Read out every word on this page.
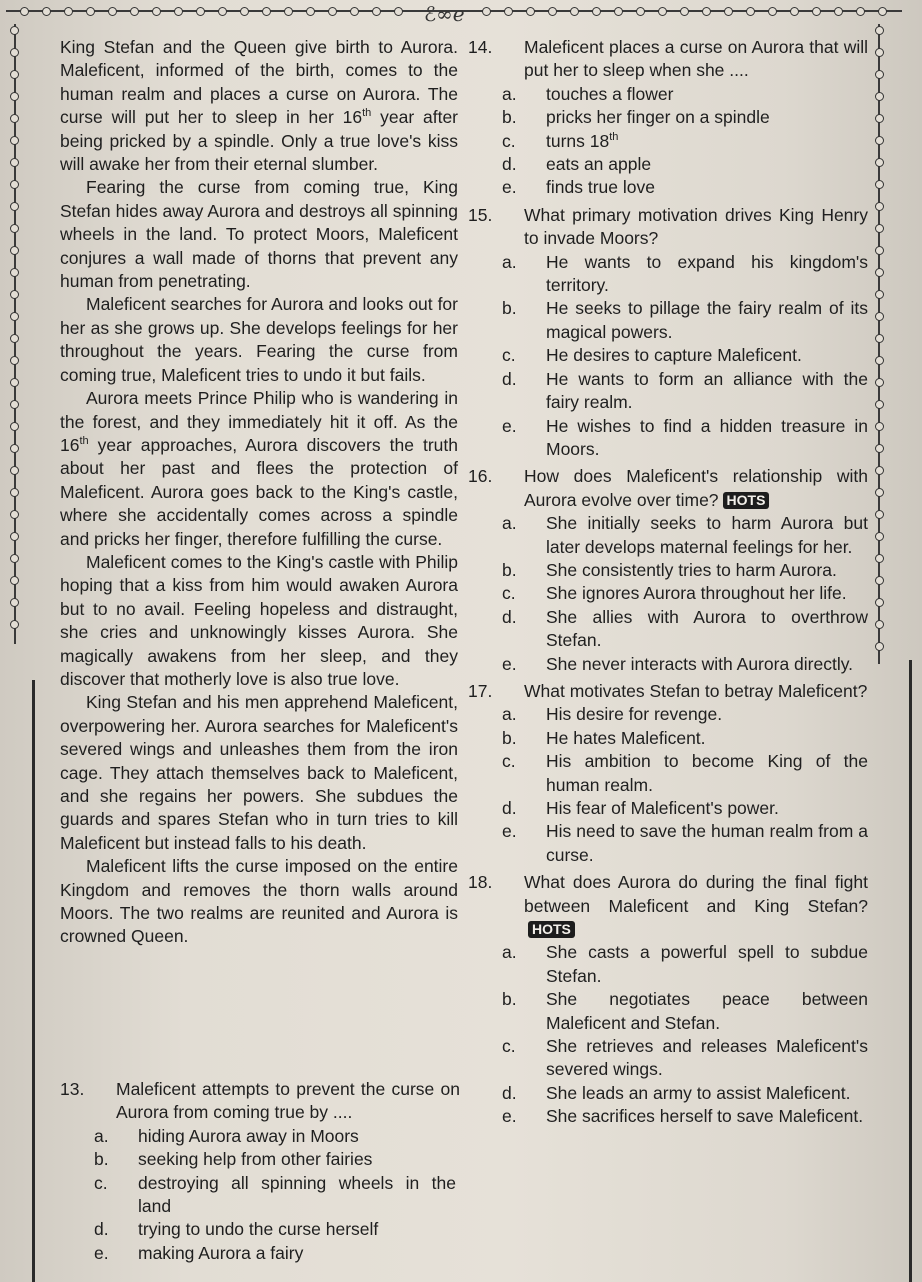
ℰ∞ℯ

King Stefan and the Queen give birth to Aurora. Maleficent, informed of the birth, comes to the human realm and places a curse on Aurora. The curse will put her to sleep in her 16th year after being pricked by a spindle. Only a true love's kiss will awake her from their eternal slumber.

Fearing the curse from coming true, King Stefan hides away Aurora and destroys all spinning wheels in the land. To protect Moors, Maleficent conjures a wall made of thorns that prevent any human from penetrating.

Maleficent searches for Aurora and looks out for her as she grows up. She develops feelings for her throughout the years. Fearing the curse from coming true, Maleficent tries to undo it but fails.

Aurora meets Prince Philip who is wandering in the forest, and they immediately hit it off. As the 16th year approaches, Aurora discovers the truth about her past and flees the protection of Maleficent. Aurora goes back to the King's castle, where she accidentally comes across a spindle and pricks her finger, therefore fulfilling the curse.

Maleficent comes to the King's castle with Philip hoping that a kiss from him would awaken Aurora but to no avail. Feeling hopeless and distraught, she cries and unknowingly kisses Aurora. She magically awakens from her sleep, and they discover that motherly love is also true love.

King Stefan and his men apprehend Maleficent, overpowering her. Aurora searches for Maleficent's severed wings and unleashes them from the iron cage. They attach themselves back to Maleficent, and she regains her powers. She subdues the guards and spares Stefan who in turn tries to kill Maleficent but instead falls to his death.

Maleficent lifts the curse imposed on the entire Kingdom and removes the thorn walls around Moors. The two realms are reunited and Aurora is crowned Queen.

13. Maleficent attempts to prevent the curse on Aurora from coming true by ....
a. hiding Aurora away in Moors
b. seeking help from other fairies
c. destroying all spinning wheels in the land
d. trying to undo the curse herself
e. making Aurora a fairy
14. Maleficent places a curse on Aurora that will put her to sleep when she ....
a. touches a flower
b. pricks her finger on a spindle
c. turns 18th
d. eats an apple
e. finds true love
15. What primary motivation drives King Henry to invade Moors?
a. He wants to expand his kingdom's territory.
b. He seeks to pillage the fairy realm of its magical powers.
c. He desires to capture Maleficent.
d. He wants to form an alliance with the fairy realm.
e. He wishes to find a hidden treasure in Moors.
16. How does Maleficent's relationship with Aurora evolve over time? HOTS
a. She initially seeks to harm Aurora but later develops maternal feelings for her.
b. She consistently tries to harm Aurora.
c. She ignores Aurora throughout her life.
d. She allies with Aurora to overthrow Stefan.
e. She never interacts with Aurora directly.
17. What motivates Stefan to betray Maleficent?
a. His desire for revenge.
b. He hates Maleficent.
c. His ambition to become King of the human realm.
d. His fear of Maleficent's power.
e. His need to save the human realm from a curse.
18. What does Aurora do during the final fight between Maleficent and King Stefan? HOTS
a. She casts a powerful spell to subdue Stefan.
b. She negotiates peace between Maleficent and Stefan.
c. She retrieves and releases Maleficent's severed wings.
d. She leads an army to assist Maleficent.
e. She sacrifices herself to save Maleficent.
